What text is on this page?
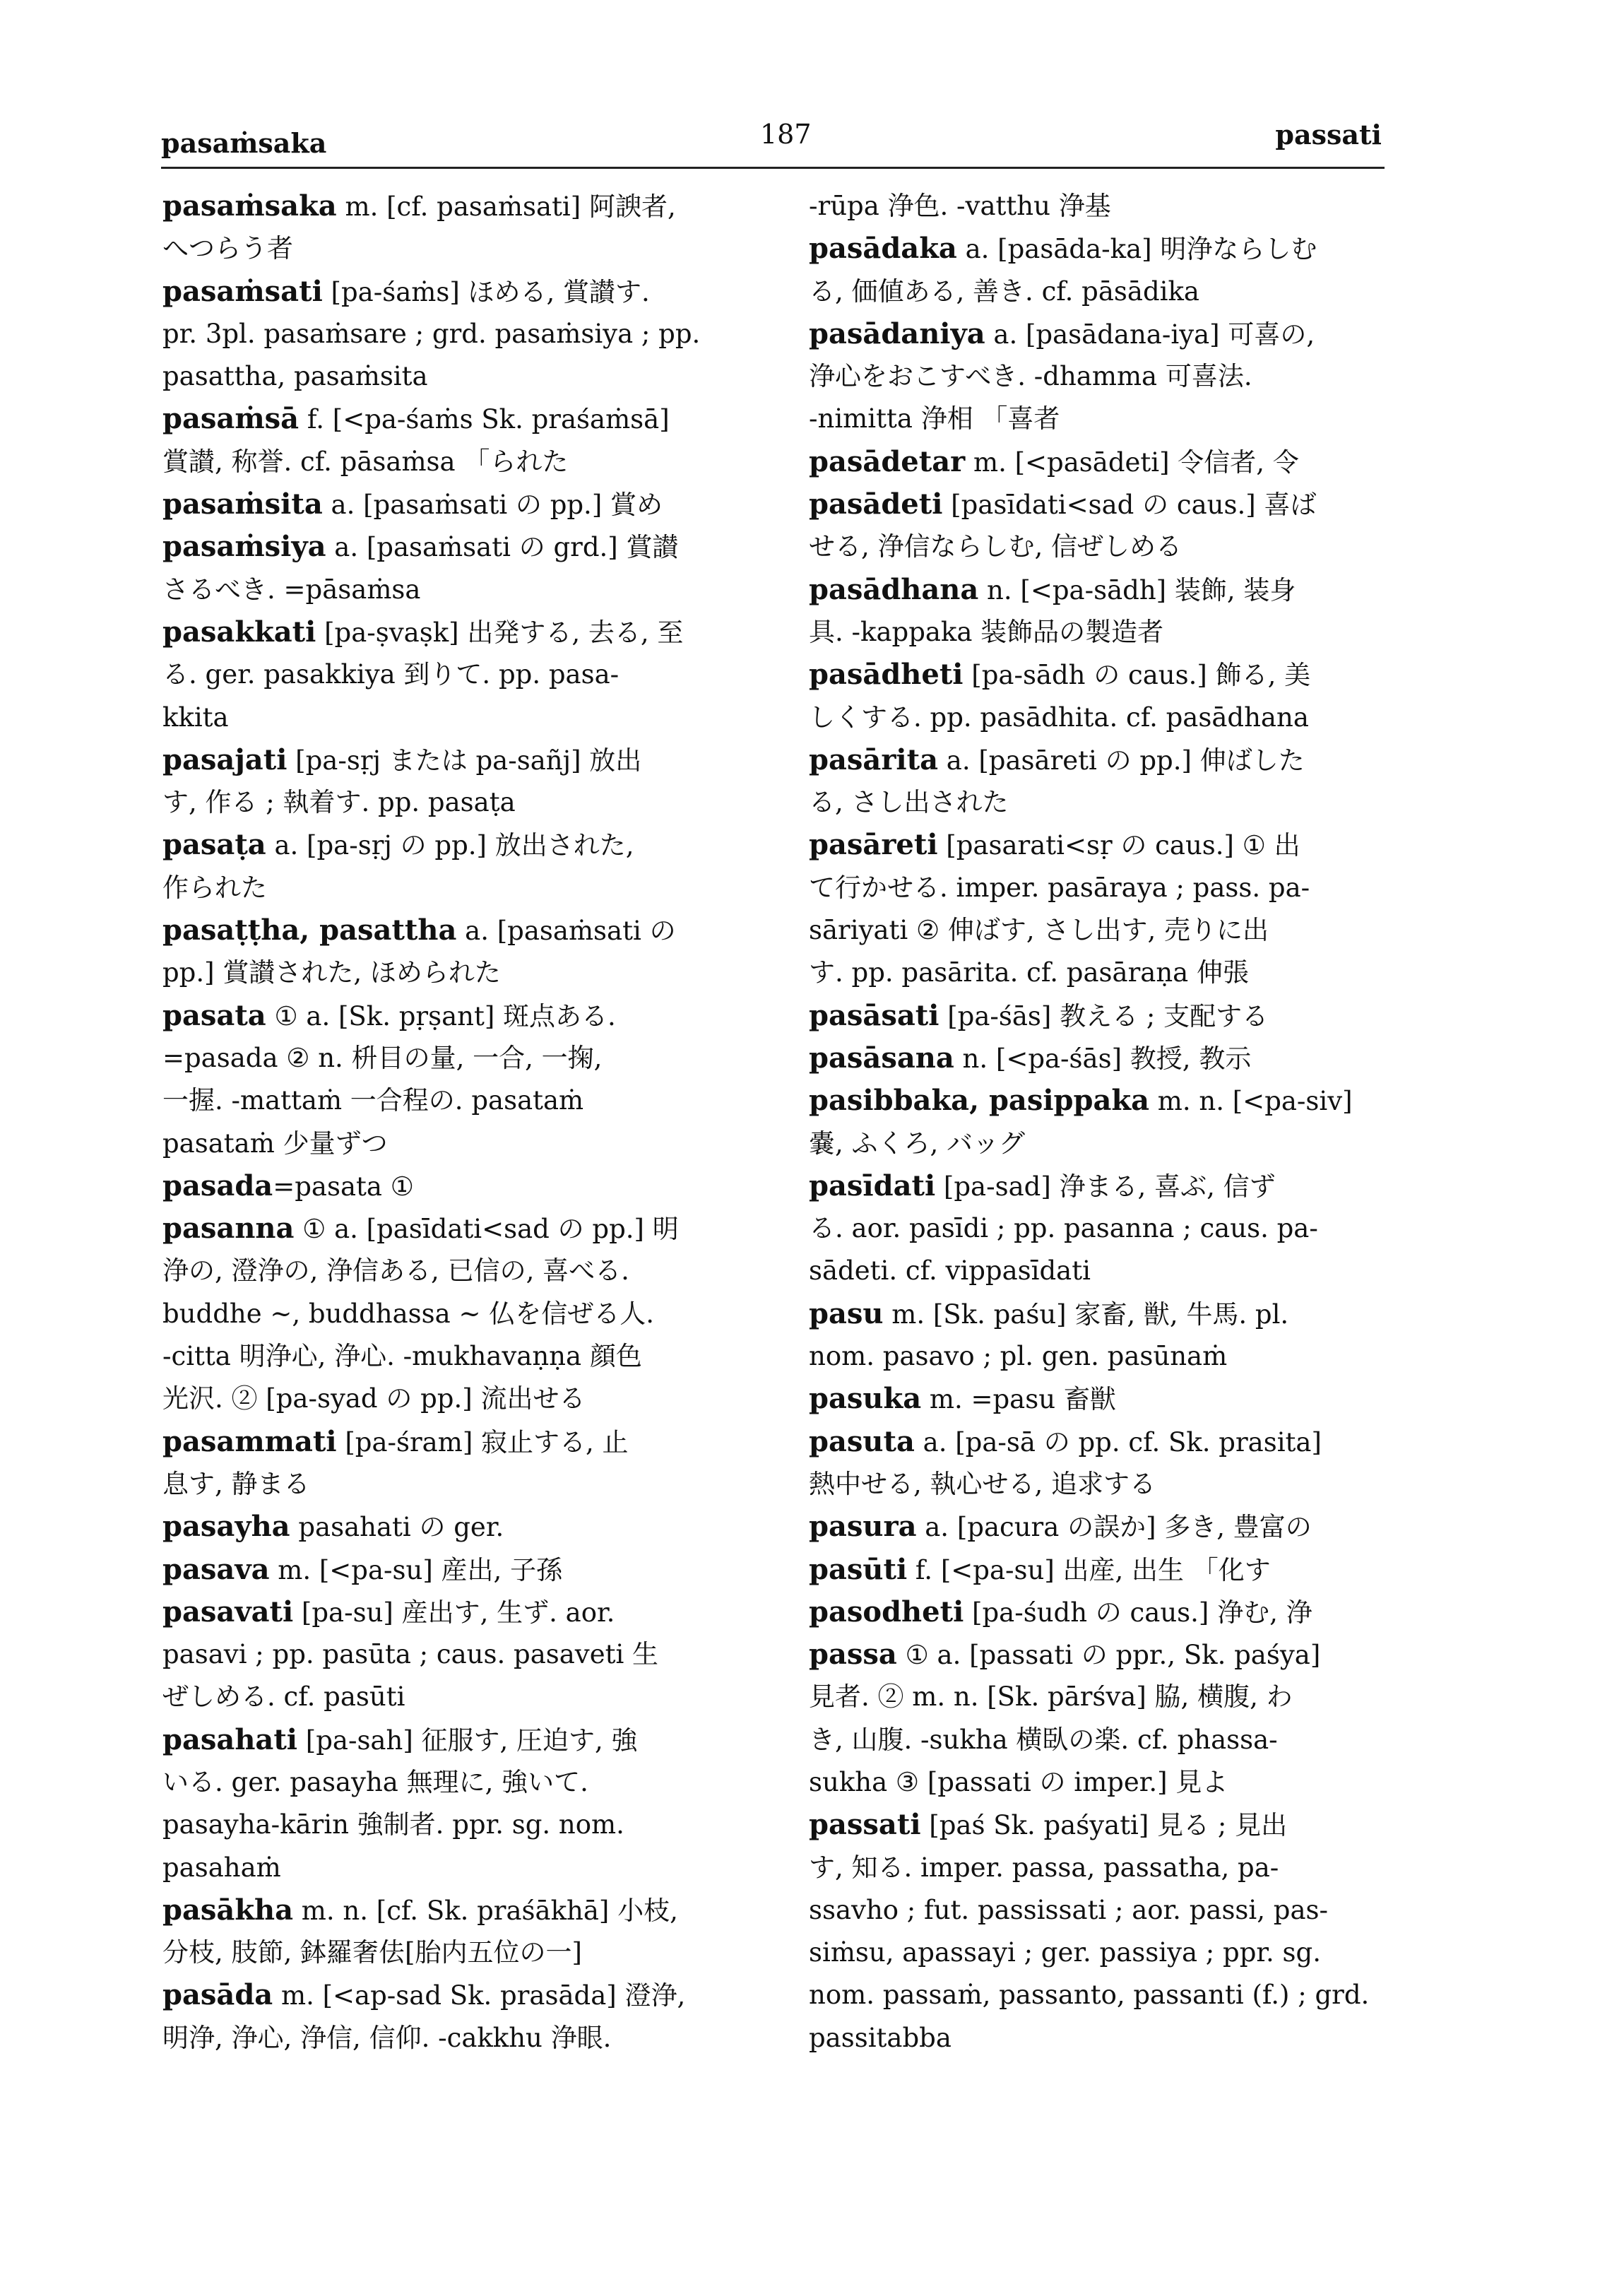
pasaṁsaka	187	passati
pasaṁsaka m. [cf. pasaṁsati] 阿諛者,
へつらう者
pasaṁsati [pa-śaṁs] ほめる, 賞讃す.
pr. 3pl. pasaṁsare ; grd. pasaṁsiya ; pp.
pasattha, pasaṁsita
pasaṁsā f. [<pa-śaṁs Sk. praśaṁsā]
賞讃, 称誉. cf. pāsaṁsa 「られた
pasaṁsita a. [pasaṁsati の pp.] 賞め
pasaṁsiya a. [pasaṁsati の grd.] 賞讃
さるべき. =pāsaṁsa
pasakkati [pa-ṣvaṣk] 出発する, 去る, 至
る. ger. pasakkiya 到りて. pp. pasa-
kkita
pasajati [pa-sṛj または pa-sañj] 放出
す, 作る ; 執着す. pp. pasaṭa
pasaṭa a. [pa-sṛj の pp.] 放出された,
作られた
pasaṭṭha, pasattha a. [pasaṁsati の
pp.] 賞讃された, ほめられた
pasata ① a. [Sk. pṛṣant] 斑点ある.
=pasada ② n. 枡目の量, 一合, 一掬,
一握. -mattaṁ 一合程の. pasataṁ
pasataṁ 少量ずつ
pasada=pasata ①
pasanna ① a. [pasīdati<sad の pp.] 明
浄の, 澄浄の, 浄信ある, 已信の, 喜べる.
buddhe ~, buddhassa ~ 仏を信ぜる人.
-citta 明浄心, 浄心. -mukhavaṇṇa 顔色
光沢. ② [pa-syad の pp.] 流出せる
pasammati [pa-śram] 寂止する, 止
息す, 静まる
pasayha pasahati の ger.
pasava m. [<pa-su] 産出, 子孫
pasavati [pa-su] 産出す, 生ず. aor.
pasavi ; pp. pasūta ; caus. pasaveti 生
ぜしめる. cf. pasūti
pasahati [pa-sah] 征服す, 圧迫す, 強
いる. ger. pasayha 無理に, 強いて.
pasayha-kārin 強制者. ppr. sg. nom.
pasahaṁ
pasākha m. n. [cf. Sk. praśākhā] 小枝,
分枝, 肢節, 鉢羅奢佉[胎内五位の一]
pasāda m. [<ap-sad Sk. prasāda] 澄浄,
明浄, 浄心, 浄信, 信仰. -cakkhu 浄眼.
-rūpa 浄色. -vatthu 浄基
pasādaka a. [pasāda-ka] 明浄ならしむ
る, 価値ある, 善き. cf. pāsādika
pasādaniya a. [pasādana-iya] 可喜の,
浄心をおこすべき. -dhamma 可喜法.
-nimitta 浄相 「喜者
pasādetar m. [<pasādeti] 令信者, 令
pasādeti [pasīdati<sad の caus.] 喜ば
せる, 浄信ならしむ, 信ぜしめる
pasādhana n. [<pa-sādh] 装飾, 装身
具. -kappaka 装飾品の製造者
pasādheti [pa-sādh の caus.] 飾る, 美
しくする. pp. pasādhita. cf. pasādhana
pasārita a. [pasāreti の pp.] 伸ばした
る, さし出された
pasāreti [pasarati<sṛ の caus.] ① 出
て行かせる. imper. pasāraya ; pass. pa-
sāriyati ② 伸ばす, さし出す, 売りに出
す. pp. pasārita. cf. pasāraṇa 伸張
pasāsati [pa-śās] 教える ; 支配する
pasāsana n. [<pa-śās] 教授, 教示
pasibbaka, pasippaka m. n. [<pa-siv]
嚢, ふくろ, バッグ
pasīdati [pa-sad] 浄まる, 喜ぶ, 信ず
る. aor. pasīdi ; pp. pasanna ; caus. pa-
sādeti. cf. vippasīdati
pasu m. [Sk. paśu] 家畜, 獣, 牛馬. pl.
nom. pasavo ; pl. gen. pasūnaṁ
pasuka m. =pasu 畜獣
pasuta a. [pa-sā の pp. cf. Sk. prasita]
熱中せる, 執心せる, 追求する
pasura a. [pacura の誤か] 多き, 豊富の
pasūti f. [<pa-su] 出産, 出生 「化す
pasodheti [pa-śudh の caus.] 浄む, 浄
passa ① a. [passati の ppr., Sk. paśya]
見者. ② m. n. [Sk. pārśva] 脇, 横腹, わ
き, 山腹. -sukha 横臥の楽. cf. phassa-
sukha ③ [passati の imper.] 見よ
passati [paś Sk. paśyati] 見る ; 見出
す, 知る. imper. passa, passatha, pa-
ssavho ; fut. passissati ; aor. passi, pas-
siṁsu, apassayi ; ger. passiya ; ppr. sg.
nom. passaṁ, passanto, passanti (f.) ; grd.
passitabba
